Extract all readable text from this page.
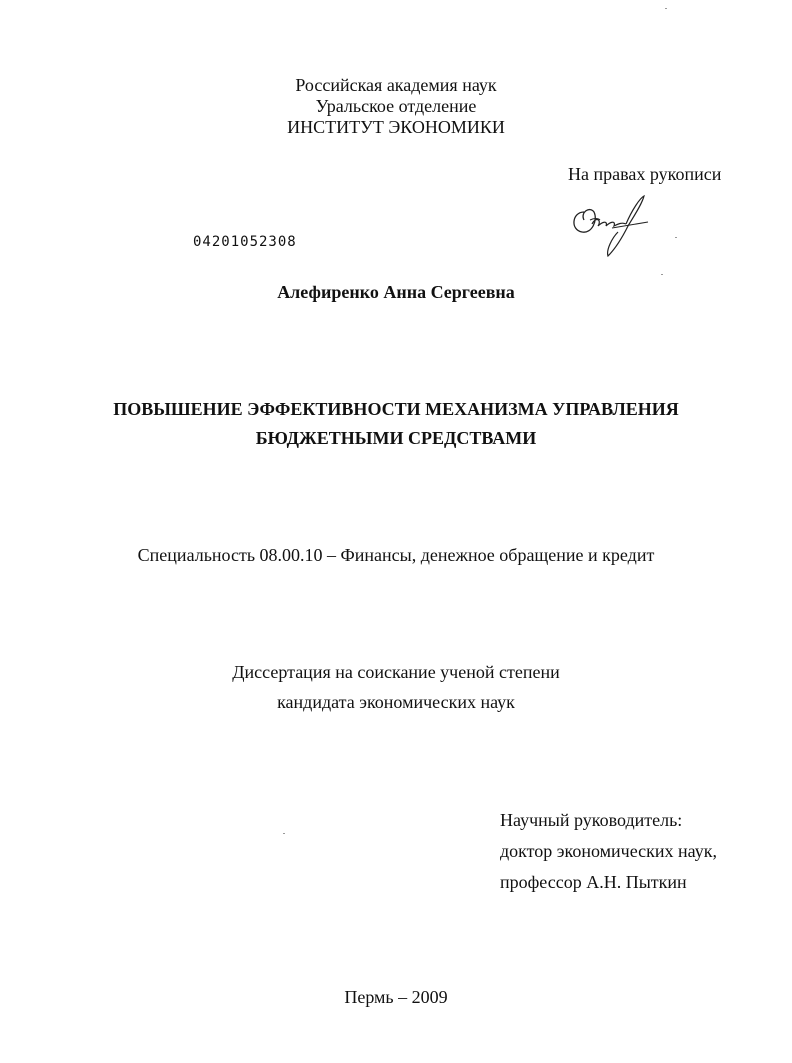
Российская академия наук
Уральское отделение
ИНСТИТУТ ЭКОНОМИКИ
На правах рукописи
04201052308
Алефиренко Анна Сергеевна
ПОВЫШЕНИЕ ЭФФЕКТИВНОСТИ МЕХАНИЗМА УПРАВЛЕНИЯ
БЮДЖЕТНЫМИ СРЕДСТВАМИ
Специальность 08.00.10 – Финансы, денежное обращение и кредит
Диссертация на соискание ученой степени
кандидата экономических наук
Научный руководитель:
доктор экономических наук,
профессор А.Н. Пыткин
Пермь – 2009
